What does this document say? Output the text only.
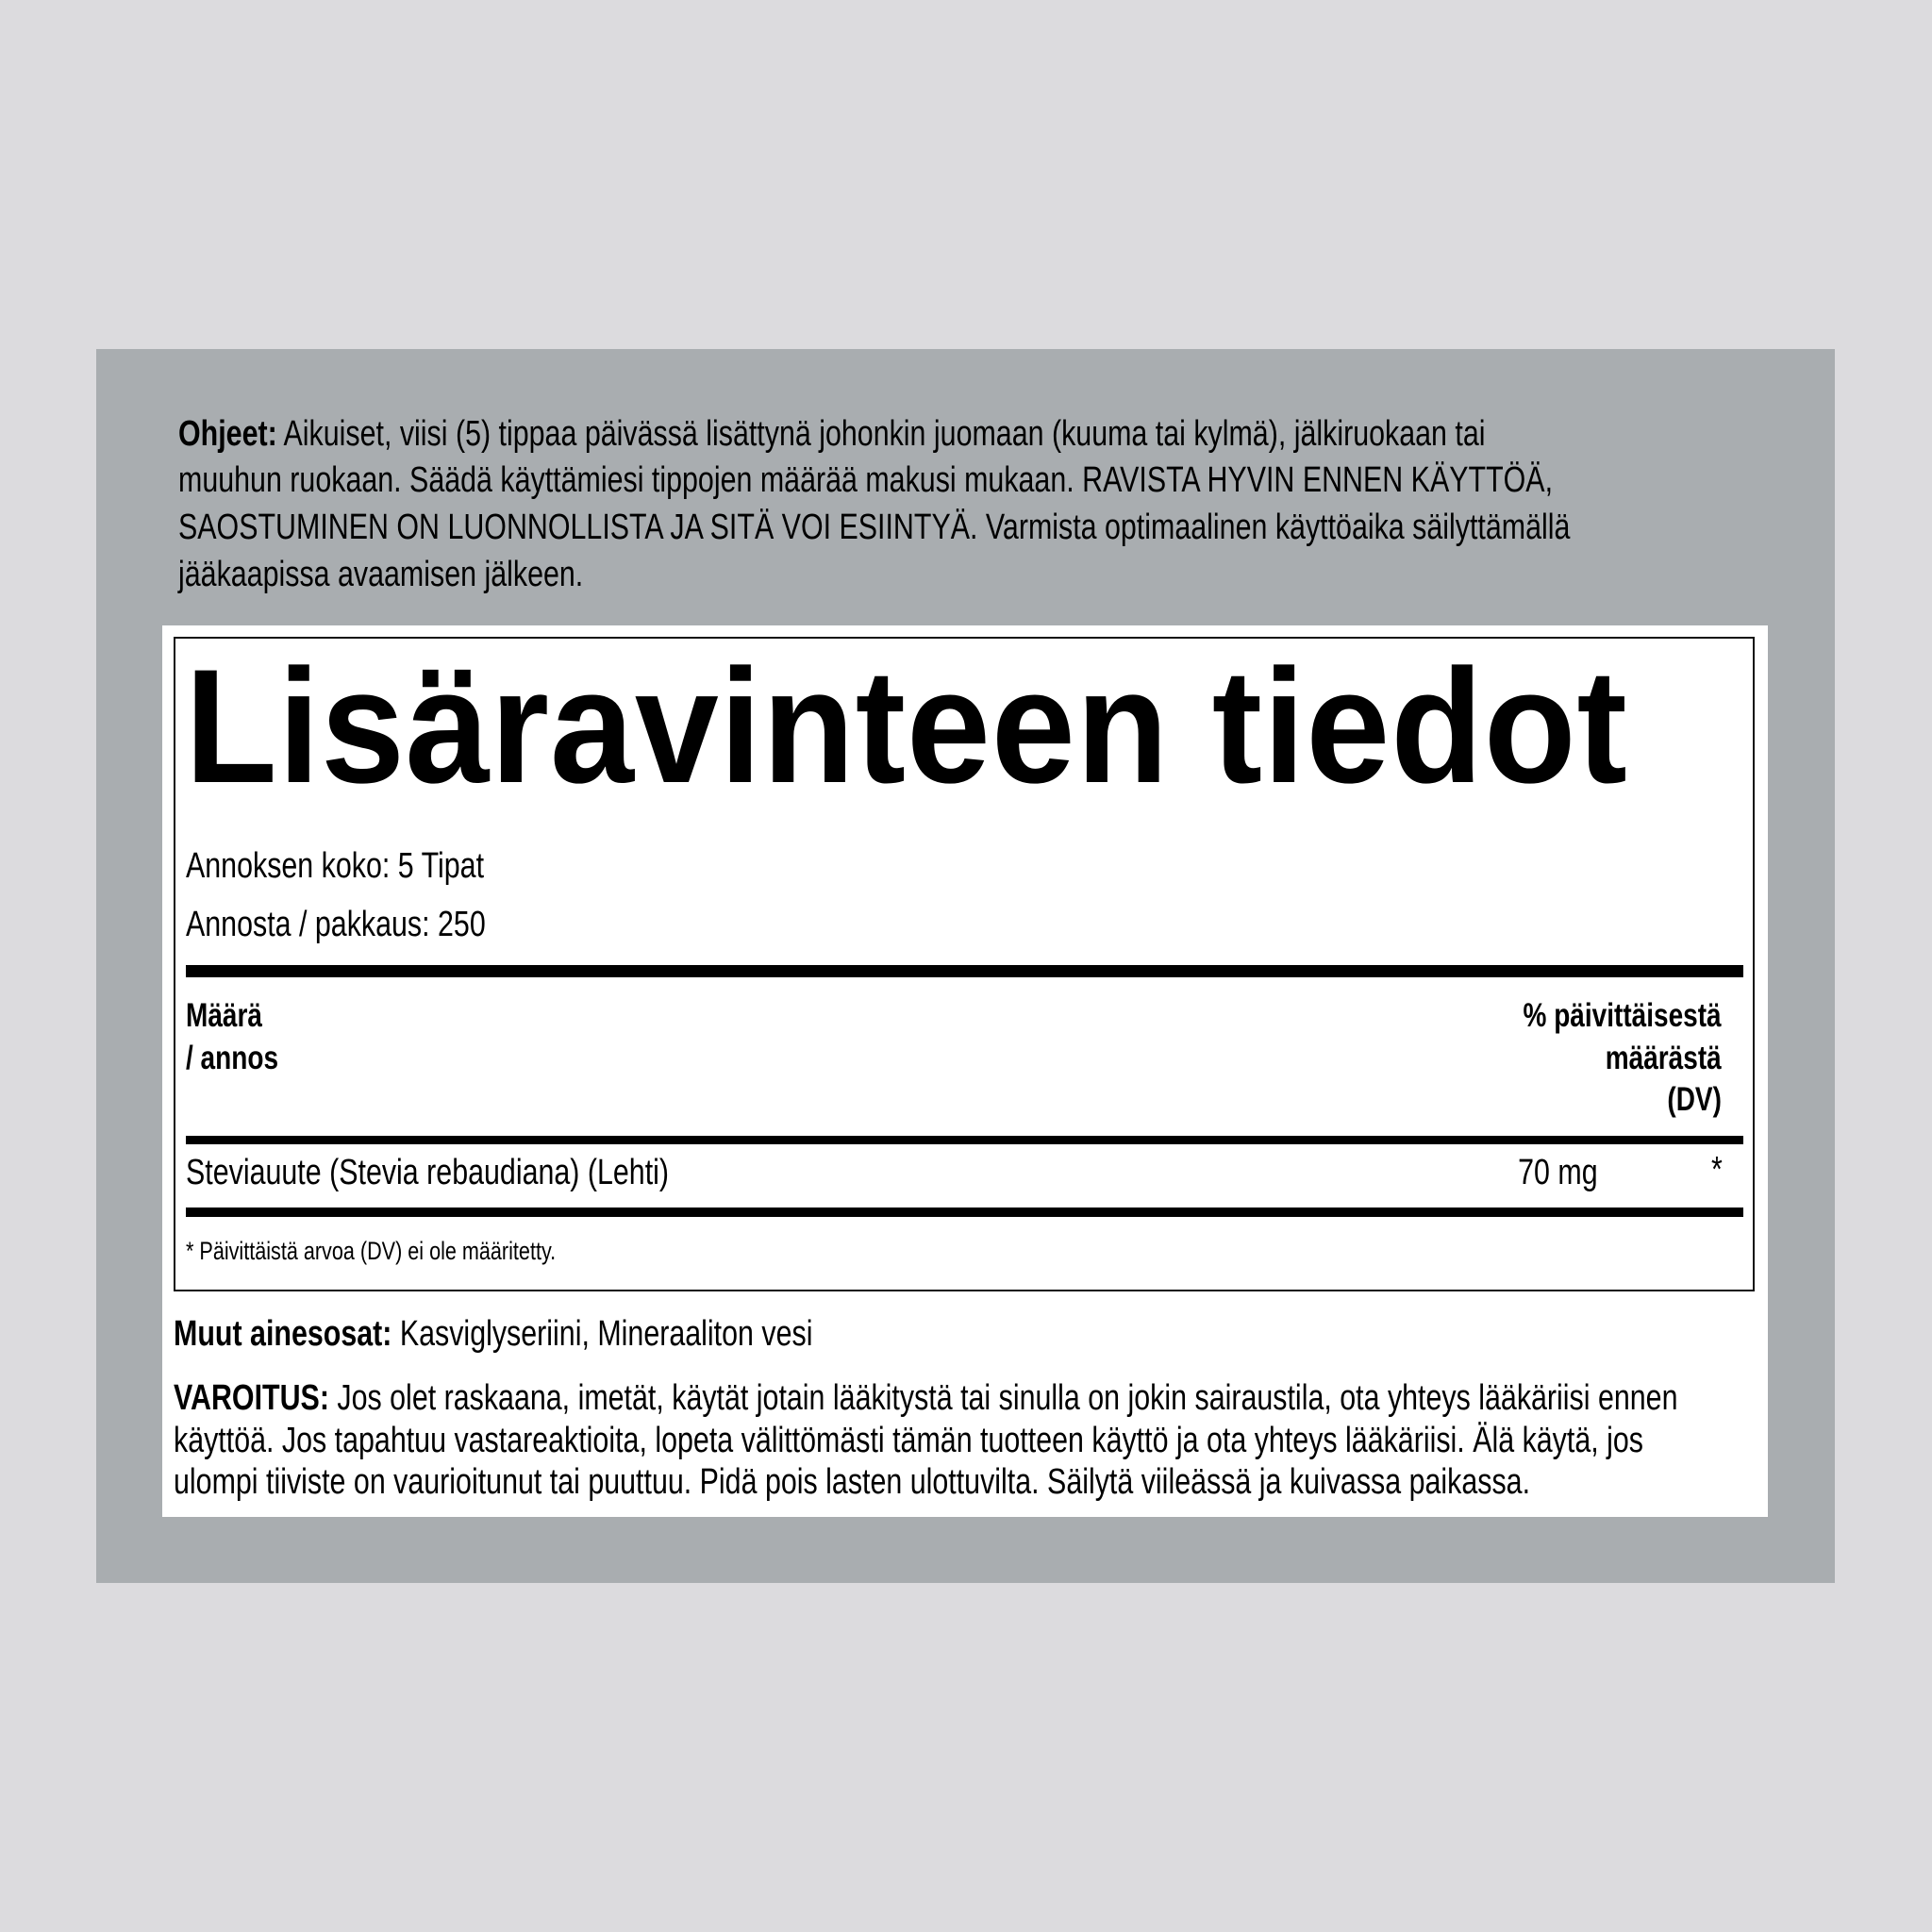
Ohjeet: Aikuiset, viisi (5) tippaa päivässä lisättynä johonkin juomaan (kuuma tai kylmä), jälkiruokaan tai
muuhun ruokaan. Säädä käyttämiesi tippojen määrää makusi mukaan. RAVISTA HYVIN ENNEN KÄYTTÖÄ,
SAOSTUMINEN ON LUONNOLLISTA JA SITÄ VOI ESIINTYÄ. Varmista optimaalinen käyttöaika säilyttämällä
jääkaapissa avaamisen jälkeen.
Lisäravinteen tiedot
Annoksen koko: 5 Tipat
Annosta / pakkaus: 250
Määrä
/ annos
% päivittäisestä
määrästä
(DV)
Steviauute (Stevia rebaudiana) (Lehti)	70 mg	*
* Päivittäistä arvoa (DV) ei ole määritetty.
Muut ainesosat: Kasviglyseriini, Mineraaliton vesi
VAROITUS: Jos olet raskaana, imetät, käytät jotain lääkitystä tai sinulla on jokin sairaustila, ota yhteys lääkäriisi ennen
käyttöä. Jos tapahtuu vastareaktioita, lopeta välittömästi tämän tuotteen käyttö ja ota yhteys lääkäriisi. Älä käytä, jos
ulompi tiiviste on vaurioitunut tai puuttuu. Pidä pois lasten ulottuvilta. Säilytä viileässä ja kuivassa paikassa.
